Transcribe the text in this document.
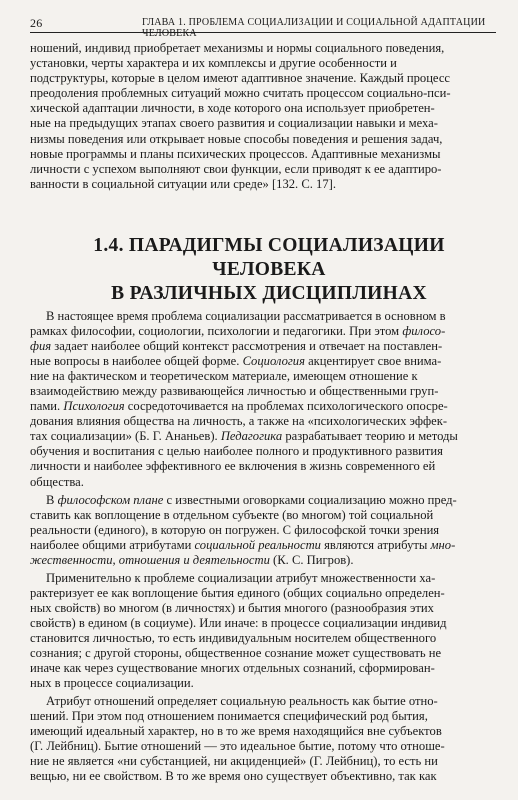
26	ГЛАВА 1. ПРОБЛЕМА СОЦИАЛИЗАЦИИ И СОЦИАЛЬНОЙ АДАПТАЦИИ ЧЕЛОВЕКА
ношений, индивид приобретает механизмы и нормы социального поведения,
установки, черты характера и их комплексы и другие особенности и
подструктуры, которые в целом имеют адаптивное значение. Каждый процесс
преодоления проблемных ситуаций можно считать процессом социально-пси-
хической адаптации личности, в ходе которого она использует приобретен-
ные на предыдущих этапах своего развития и социализации навыки и меха-
низмы поведения или открывает новые способы поведения и решения задач,
новые программы и планы психических процессов. Адаптивные механизмы
личности с успехом выполняют свои функции, если приводят к ее адаптиро-
ванности в социальной ситуации или среде» [132. С. 17].
1.4. ПАРАДИГМЫ СОЦИАЛИЗАЦИИ ЧЕЛОВЕКА
В РАЗЛИЧНЫХ ДИСЦИПЛИНАХ
В настоящее время проблема социализации рассматривается в основном в
рамках философии, социологии, психологии и педагогики. При этом филосо-
фия задает наиболее общий контекст рассмотрения и отвечает на поставлен-
ные вопросы в наиболее общей форме. Социология акцентирует свое внима-
ние на фактическом и теоретическом материале, имеющем отношение к
взаимодействию между развивающейся личностью и общественными груп-
пами. Психология сосредоточивается на проблемах психологического опосре-
дования влияния общества на личность, а также на «психологических эффек-
тах социализации» (Б. Г. Ананьев). Педагогика разрабатывает теорию и методы
обучения и воспитания с целью наиболее полного и продуктивного развития
личности и наиболее эффективного ее включения в жизнь современного ей
общества.
В философском плане с известными оговорками социализацию можно пред-
ставить как воплощение в отдельном субъекте (во многом) той социальной
реальности (единого), в которую он погружен. С философской точки зрения
наиболее общими атрибутами социальной реальности являются атрибуты мно-
жественности, отношения и деятельности (К. С. Пигров).
Применительно к проблеме социализации атрибут множественности ха-
рактеризует ее как воплощение бытия единого (общих социально определен-
ных свойств) во многом (в личностях) и бытия многого (разнообразия этих
свойств) в едином (в социуме). Или иначе: в процессе социализации индивид
становится личностью, то есть индивидуальным носителем общественного
сознания; с другой стороны, общественное сознание может существовать не
иначе как через существование многих отдельных сознаний, сформирован-
ных в процессе социализации.
Атрибут отношений определяет социальную реальность как бытие отно-
шений. При этом под отношением понимается специфический род бытия,
имеющий идеальный характер, но в то же время находящийся вне субъектов
(Г. Лейбниц). Бытие отношений — это идеальное бытие, потому что отноше-
ние не является «ни субстанцией, ни акциденцией» (Г. Лейбниц), то есть ни
вещью, ни ее свойством. В то же время оно существует объективно, так как
